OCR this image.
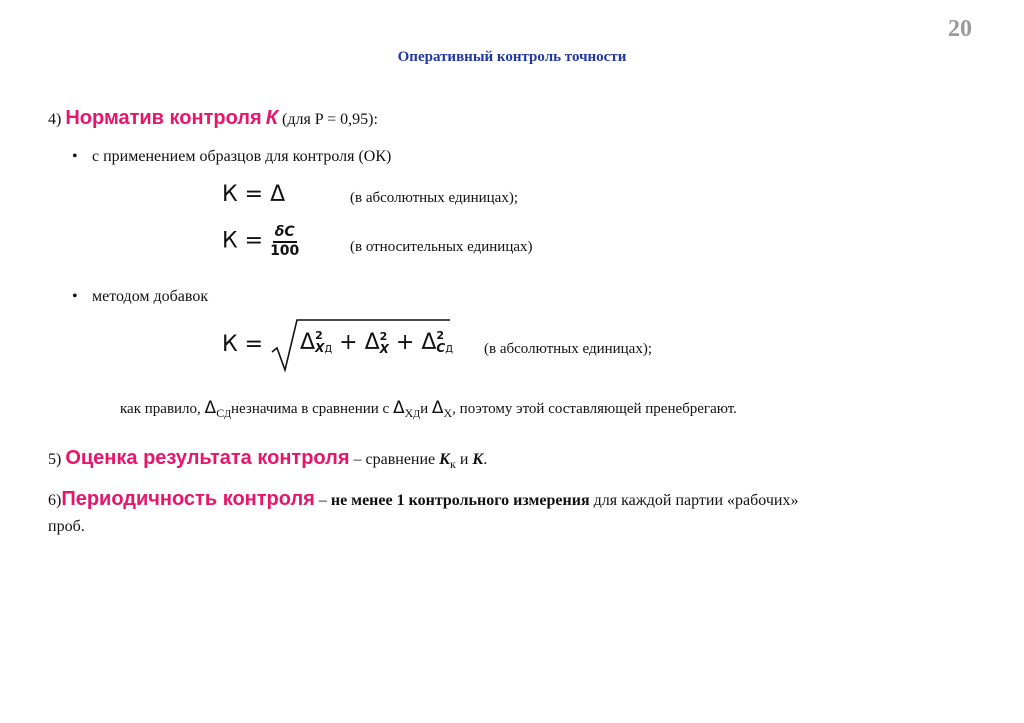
20
Оперативный контроль точности
4) Норматив контроля К (для P = 0,95):
• с применением образцов для контроля (ОК)
К = Δ	(в абсолютных единицах);
$К = \frac{\delta C}{100}$	(в относительных единицах)
• методом добавок
К = Δ 2
XД + Δ 2
X + Δ 2
CД (в абсолютных единицах);
как правило, $\Delta_{CД}незначима$ в сравнении с $\Delta_{XД}и$ $\Delta_X$, поэтому этой составляющей пренебрегают.
5) Оценка результата контроля – сравнение $К_к$ и К.
6)Периодичность контроля – не менее 1 контрольного измерения для каждой партии «рабочих»
проб.
